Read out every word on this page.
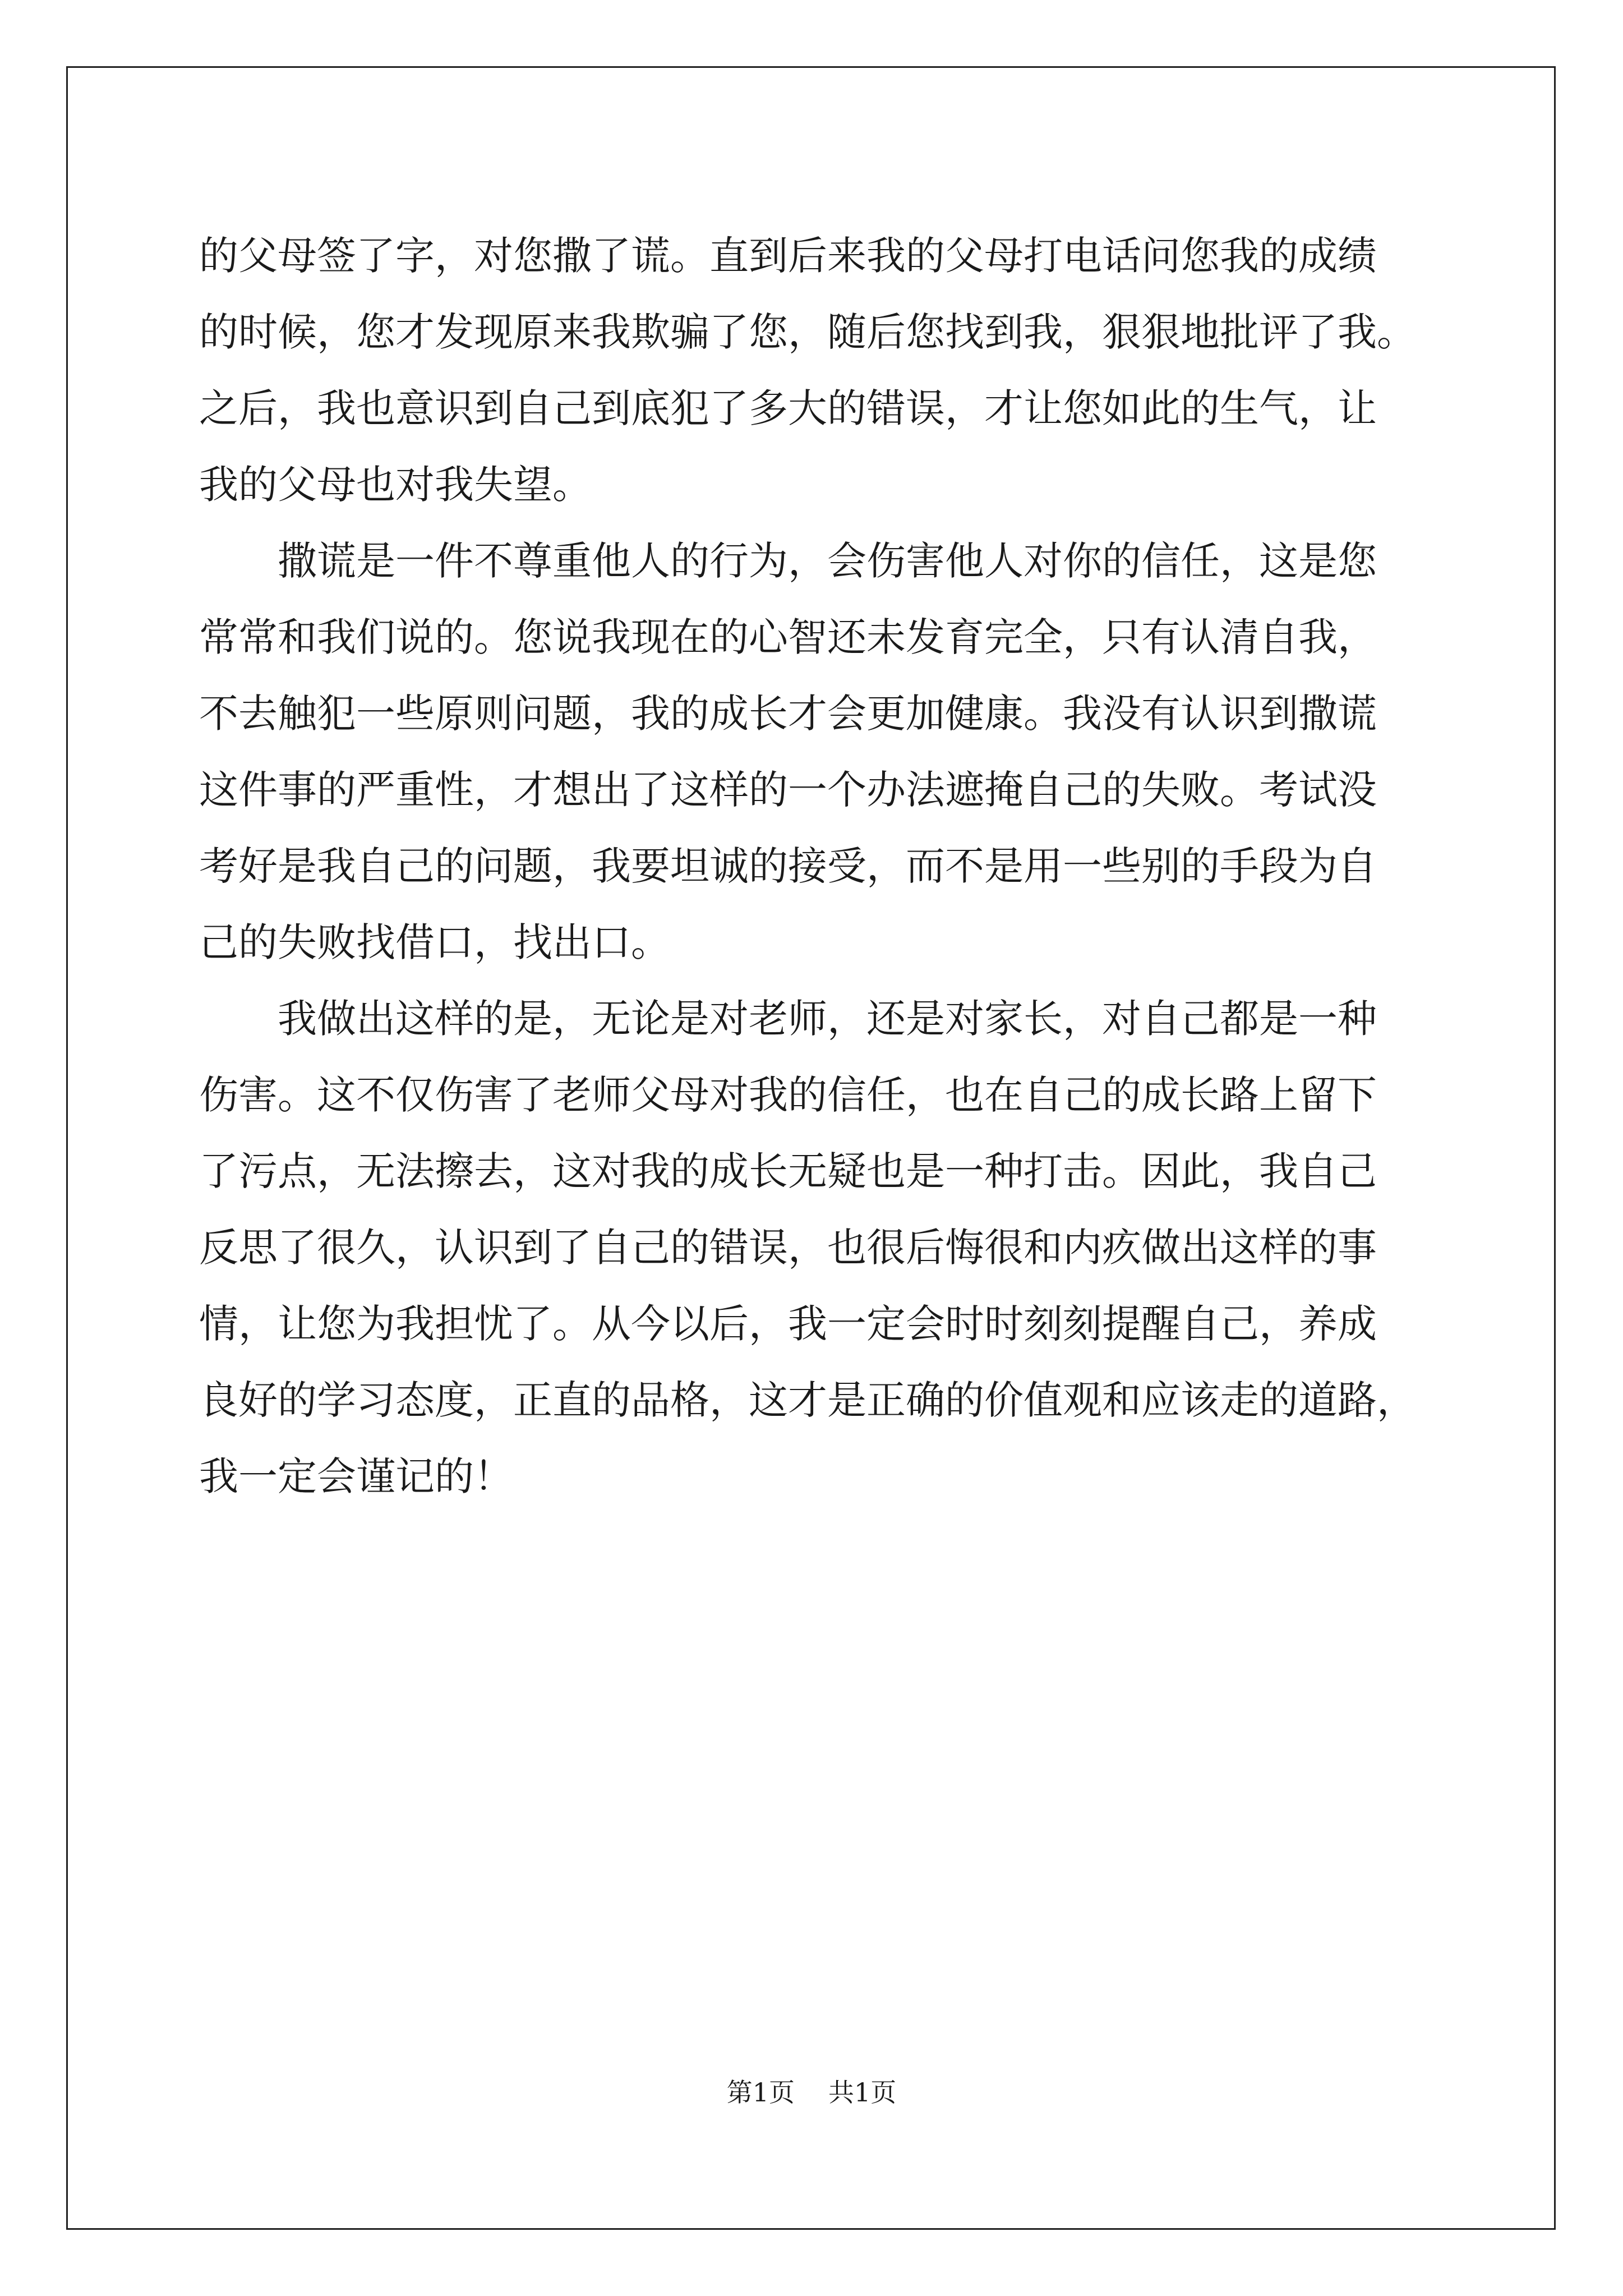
的父母签了字，对您撒了谎。直到后来我的父母打电话问您我的成绩

的时候，您才发现原来我欺骗了您，随后您找到我，狠狠地批评了我。

之后，我也意识到自己到底犯了多大的错误，才让您如此的生气，让

我的父母也对我失望。

撒谎是一件不尊重他人的行为，会伤害他人对你的信任，这是您

常常和我们说的。您说我现在的心智还未发育完全，只有认清自我，

不去触犯一些原则问题，我的成长才会更加健康。我没有认识到撒谎

这件事的严重性，才想出了这样的一个办法遮掩自己的失败。考试没

考好是我自己的问题，我要坦诚的接受，而不是用一些别的手段为自

己的失败找借口，找出口。

我做出这样的是，无论是对老师，还是对家长，对自己都是一种

伤害。这不仅伤害了老师父母对我的信任，也在自己的成长路上留下

了污点，无法擦去，这对我的成长无疑也是一种打击。因此，我自己

反思了很久，认识到了自己的错误，也很后悔很和内疚做出这样的事

情，让您为我担忧了。从今以后，我一定会时时刻刻提醒自己，养成

良好的学习态度，正直的品格，这才是正确的价值观和应该走的道路，

我一定会谨记的！

第1页 共1页
